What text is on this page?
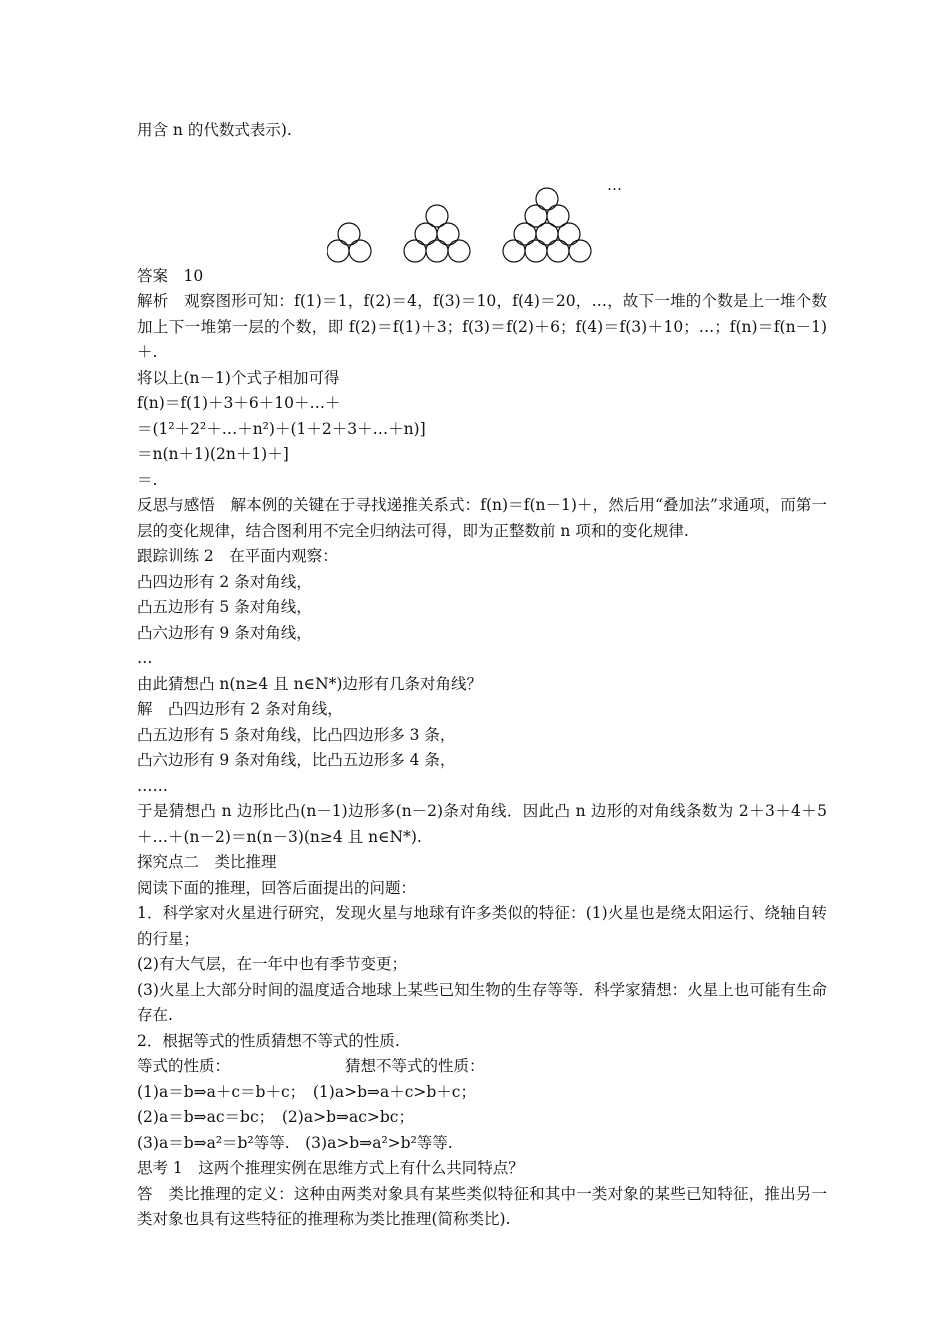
用含 n 的代数式表示).
…
答案　10
解析　观察图形可知：f(1)＝1，f(2)＝4，f(3)＝10，f(4)＝20，…，故下一堆的个数是上一堆个数加上下一堆第一层的个数，即 f(2)＝f(1)＋3；f(3)＝f(2)＋6；f(4)＝f(3)＋10；…；f(n)＝f(n－1)＋.
将以上(n－1)个式子相加可得
f(n)＝f(1)＋3＋6＋10＋…＋
＝(1²＋2²＋…＋n²)＋(1＋2＋3＋…＋n)]
＝n(n＋1)(2n＋1)＋]
＝.
反思与感悟　解本例的关键在于寻找递推关系式：f(n)＝f(n－1)＋，然后用“叠加法”求通项，而第一层的变化规律，结合图利用不完全归纳法可得，即为正整数前 n 项和的变化规律.
跟踪训练 2　在平面内观察：
凸四边形有 2 条对角线，
凸五边形有 5 条对角线，
凸六边形有 9 条对角线，
…
由此猜想凸 n(n≥4 且 n∈N*)边形有几条对角线？
解　凸四边形有 2 条对角线，
凸五边形有 5 条对角线，比凸四边形多 3 条，
凸六边形有 9 条对角线，比凸五边形多 4 条，
……
于是猜想凸 n 边形比凸(n－1)边形多(n－2)条对角线．因此凸 n 边形的对角线条数为 2＋3＋4＋5＋…＋(n－2)＝n(n－3)(n≥4 且 n∈N*).
探究点二　类比推理
阅读下面的推理，回答后面提出的问题：
1．科学家对火星进行研究，发现火星与地球有许多类似的特征：(1)火星也是绕太阳运行、绕轴自转的行星；
(2)有大气层，在一年中也有季节变更；
(3)火星上大部分时间的温度适合地球上某些已知生物的生存等等．科学家猜想：火星上也可能有生命存在.
2．根据等式的性质猜想不等式的性质.
等式的性质：	猜想不等式的性质：
(1)a＝b⇒a＋c＝b＋c；　(1)a>b⇒a＋c>b＋c；
(2)a＝b⇒ac＝bc；　(2)a>b⇒ac>bc；
(3)a＝b⇒a²＝b²等等.　(3)a>b⇒a²>b²等等.
思考 1　这两个推理实例在思维方式上有什么共同特点？
答　类比推理的定义：这种由两类对象具有某些类似特征和其中一类对象的某些已知特征，推出另一类对象也具有这些特征的推理称为类比推理(简称类比).
